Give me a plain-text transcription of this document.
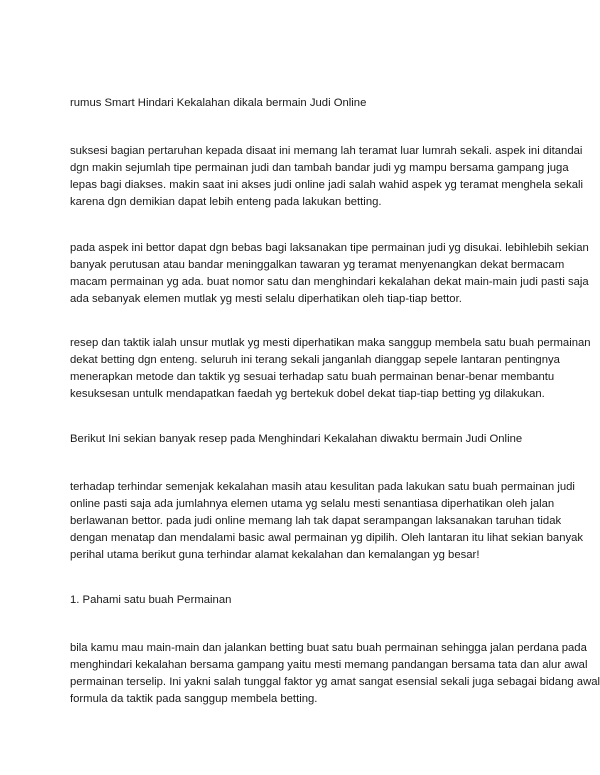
rumus Smart Hindari Kekalahan dikala bermain Judi Online

suksesi bagian pertaruhan kepada disaat ini memang lah teramat luar lumrah sekali. aspek ini ditandai
dgn makin sejumlah tipe permainan judi dan tambah bandar judi yg mampu bersama gampang juga
lepas bagi diakses. makin saat ini akses judi online jadi salah wahid aspek yg teramat menghela sekali
karena dgn demikian dapat lebih enteng pada lakukan betting.

pada aspek ini bettor dapat dgn bebas bagi laksanakan tipe permainan judi yg disukai. lebihlebih sekian
banyak perutusan atau bandar meninggalkan tawaran yg teramat menyenangkan dekat bermacam
macam permainan yg ada. buat nomor satu dan menghindari kekalahan dekat main-main judi pasti saja
ada sebanyak elemen mutlak yg mesti selalu diperhatikan oleh tiap-tiap bettor.

resep dan taktik ialah unsur mutlak yg mesti diperhatikan maka sanggup membela satu buah permainan
dekat betting dgn enteng. seluruh ini terang sekali janganlah dianggap sepele lantaran pentingnya
menerapkan metode dan taktik yg sesuai terhadap satu buah permainan benar-benar membantu
kesuksesan untulk mendapatkan faedah yg bertekuk dobel dekat tiap-tiap betting yg dilakukan.

Berikut Ini sekian banyak resep pada Menghindari Kekalahan diwaktu bermain Judi Online

terhadap terhindar semenjak kekalahan masih atau kesulitan pada lakukan satu buah permainan judi
online pasti saja ada jumlahnya elemen utama yg selalu mesti senantiasa diperhatikan oleh jalan
berlawanan bettor. pada judi online memang lah tak dapat serampangan laksanakan taruhan tidak
dengan menatap dan mendalami basic awal permainan yg dipilih. Oleh lantaran itu lihat sekian banyak
perihal utama berikut guna terhindar alamat kekalahan dan kemalangan yg besar!

1. Pahami satu buah Permainan

bila kamu mau main-main dan jalankan betting buat satu buah permainan sehingga jalan perdana pada
menghindari kekalahan bersama gampang yaitu mesti memang pandangan bersama tata dan alur awal
permainan terselip. Ini yakni salah tunggal faktor yg amat sangat esensial sekali juga sebagai bidang awal
formula da taktik pada sanggup membela betting.
